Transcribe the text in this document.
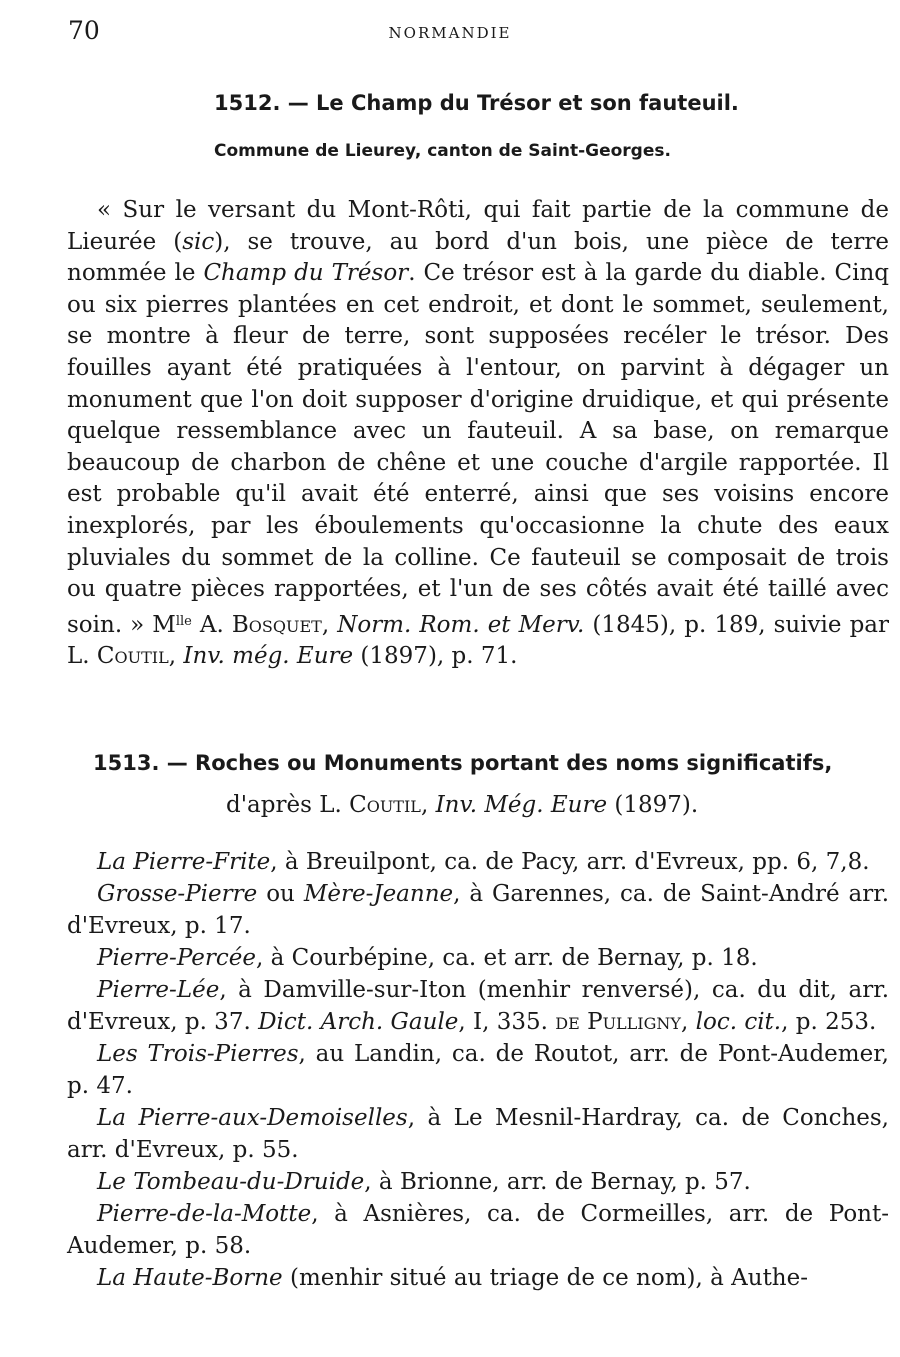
70	NORMANDIE
1512. — Le Champ du Trésor et son fauteuil.
Commune de Lieurey, canton de Saint-Georges.
« Sur le versant du Mont-Rôti, qui fait partie de la commune de Lieurée (sic), se trouve, au bord d'un bois, une pièce de terre nommée le Champ du Trésor. Ce trésor est à la garde du diable. Cinq ou six pierres plantées en cet endroit, et dont le sommet, seulement, se montre à fleur de terre, sont supposées recéler le trésor. Des fouilles ayant été pratiquées à l'entour, on parvint à dégager un monument que l'on doit supposer d'origine druidique, et qui présente quelque ressemblance avec un fauteuil. A sa base, on remarque beaucoup de charbon de chêne et une couche d'argile rapportée. Il est probable qu'il avait été enterré, ainsi que ses voisins encore inexplorés, par les éboulements qu'occasionne la chute des eaux pluviales du sommet de la colline. Ce fauteuil se composait de trois ou quatre pièces rapportées, et l'un de ses côtés avait été taillé avec soin. » $M^{lle}$ A. Bosquet, Norm. Rom. et Merv. (1845), p. 189, suivie par L. Coutil, Inv. még. Eure (1897), p. 71.
1513. — Roches ou Monuments portant des noms significatifs,
d'après L. Coutil, Inv. Még. Eure (1897).

La Pierre-Frite, à Breuilpont, ca. de Pacy, arr. d'Evreux, pp. 6, 7,8.

Grosse-Pierre ou Mère-Jeanne, à Garennes, ca. de Saint-André arr. d'Evreux, p. 17.

Pierre-Percée, à Courbépine, ca. et arr. de Bernay, p. 18.

Pierre-Lée, à Damville-sur-Iton (menhir renversé), ca. du dit, arr. d'Evreux, p. 37. Dict. Arch. Gaule, I, 335. de Pulligny, loc. cit., p. 253.

Les Trois-Pierres, au Landin, ca. de Routot, arr. de Pont-Audemer, p. 47.

La Pierre-aux-Demoiselles, à Le Mesnil-Hardray, ca. de Conches, arr. d'Evreux, p. 55.

Le Tombeau-du-Druide, à Brionne, arr. de Bernay, p. 57.

Pierre-de-la-Motte, à Asnières, ca. de Cormeilles, arr. de Pont-Audemer, p. 58.

La Haute-Borne (menhir situé au triage de ce nom), à Authe-
